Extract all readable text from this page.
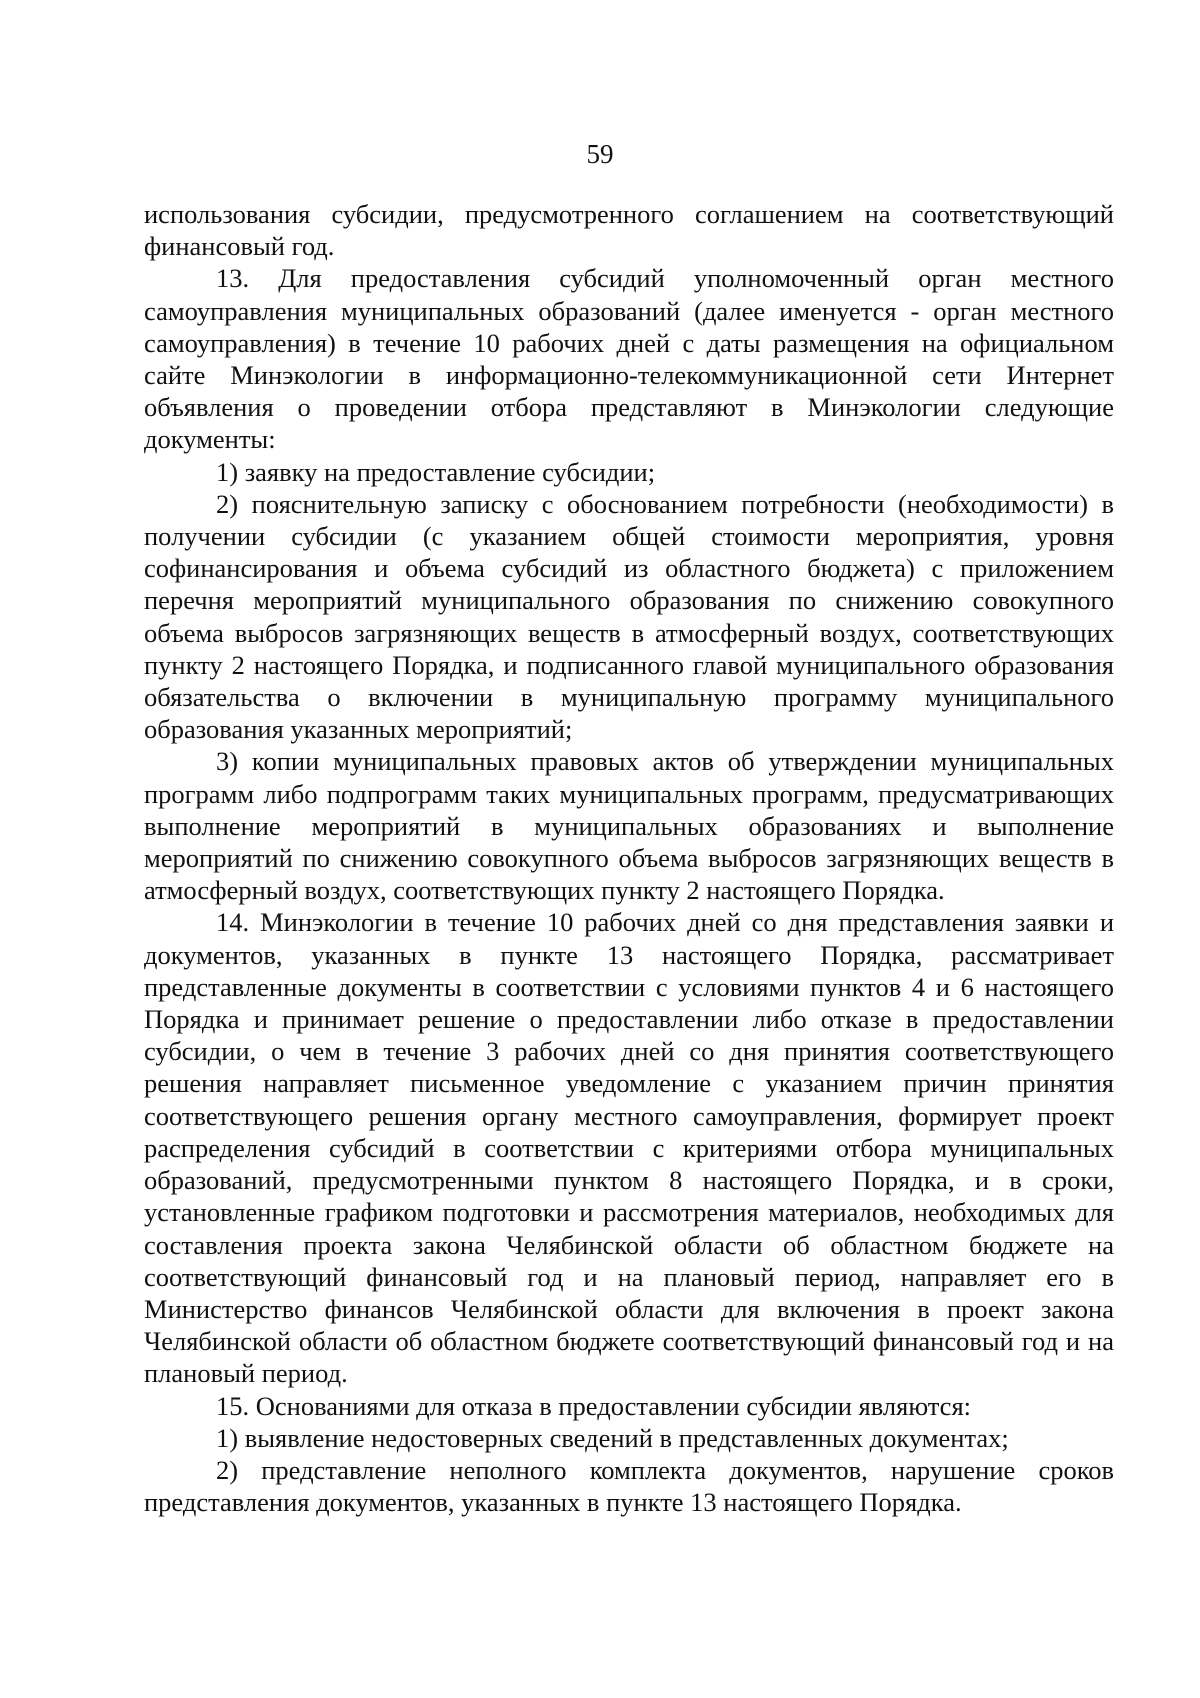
59

использования субсидии, предусмотренного соглашением на соответствующий финансовый год.

13. Для предоставления субсидий уполномоченный орган местного самоуправления муниципальных образований (далее именуется - орган местного самоуправления) в течение 10 рабочих дней с даты размещения на официальном сайте Минэкологии в информационно-телекоммуникационной сети Интернет объявления о проведении отбора представляют в Минэкологии следующие документы:

1) заявку на предоставление субсидии;

2) пояснительную записку с обоснованием потребности (необходимости) в получении субсидии (с указанием общей стоимости мероприятия, уровня софинансирования и объема субсидий из областного бюджета) с приложением перечня мероприятий муниципального образования по снижению совокупного объема выбросов загрязняющих веществ в атмосферный воздух, соответствующих пункту 2 настоящего Порядка, и подписанного главой муниципального образования обязательства о включении в муниципальную программу муниципального образования указанных мероприятий;

3) копии муниципальных правовых актов об утверждении муниципальных программ либо подпрограмм таких муниципальных программ, предусматривающих выполнение мероприятий в муниципальных образованиях и выполнение мероприятий по снижению совокупного объема выбросов загрязняющих веществ в атмосферный воздух, соответствующих пункту 2 настоящего Порядка.

14. Минэкологии в течение 10 рабочих дней со дня представления заявки и документов, указанных в пункте 13 настоящего Порядка, рассматривает представленные документы в соответствии с условиями пунктов 4 и 6 настоящего Порядка и принимает решение о предоставлении либо отказе в предоставлении субсидии, о чем в течение 3 рабочих дней со дня принятия соответствующего решения направляет письменное уведомление с указанием причин принятия соответствующего решения органу местного самоуправления, формирует проект распределения субсидий в соответствии с критериями отбора муниципальных образований, предусмотренными пунктом 8 настоящего Порядка, и в сроки, установленные графиком подготовки и рассмотрения материалов, необходимых для составления проекта закона Челябинской области об областном бюджете на соответствующий финансовый год и на плановый период, направляет его в Министерство финансов Челябинской области для включения в проект закона Челябинской области об областном бюджете соответствующий финансовый год и на плановый период.

15. Основаниями для отказа в предоставлении субсидии являются:

1) выявление недостоверных сведений в представленных документах;

2) представление неполного комплекта документов, нарушение сроков представления документов, указанных в пункте 13 настоящего Порядка.
